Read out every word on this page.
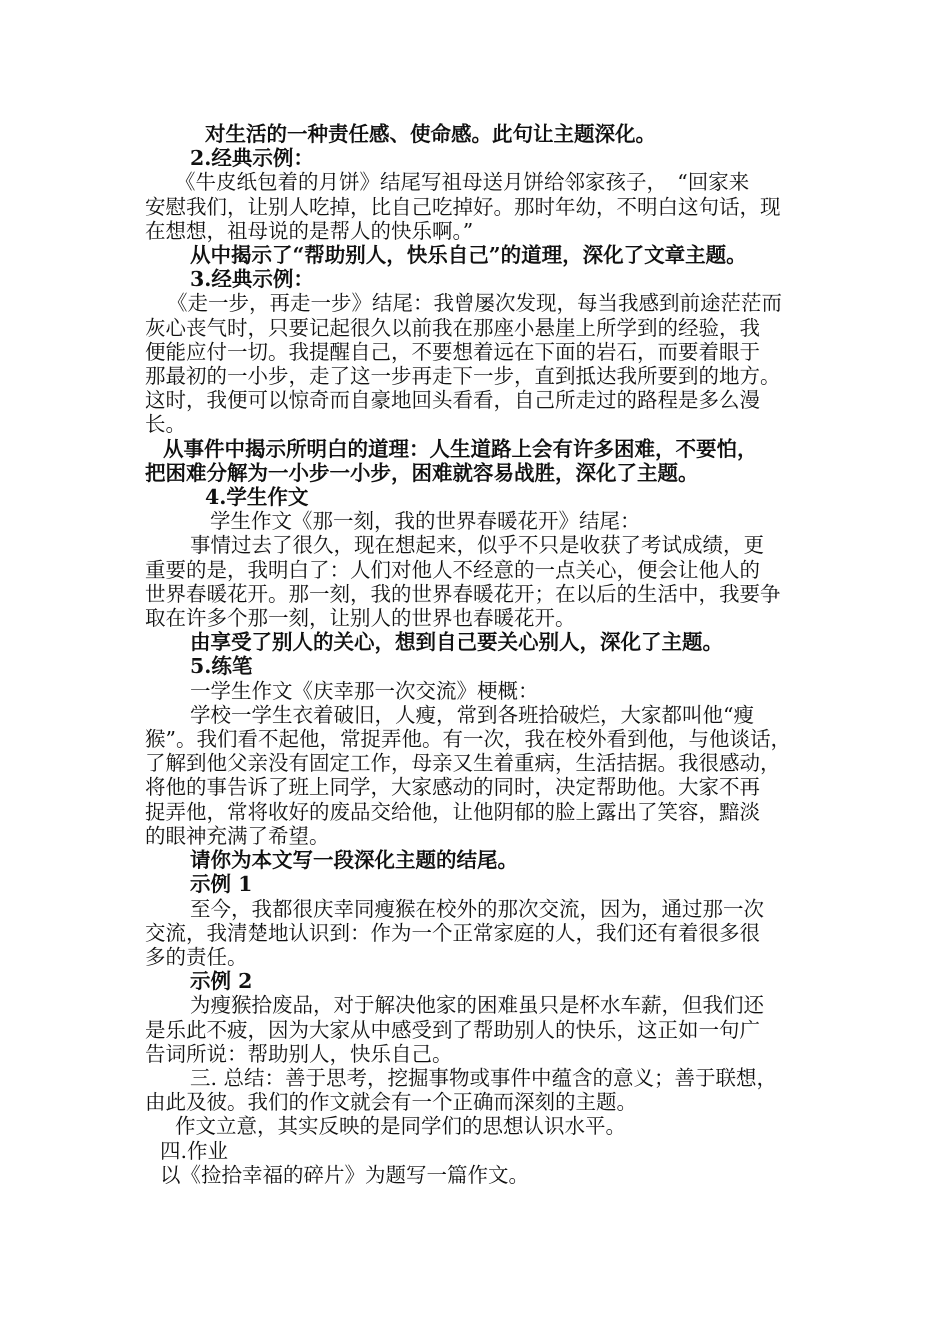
对生活的一种责任感、使命感。此句让主题深化。
2.经典示例：
《牛皮纸包着的月饼》结尾写祖母送月饼给邻家孩子，　“回家来
安慰我们，让别人吃掉，比自己吃掉好。那时年幼，不明白这句话，现
在想想，祖母说的是帮人的快乐啊。”
从中揭示了“帮助别人，快乐自己”的道理，深化了文章主题。
3.经典示例：
《走一步，再走一步》结尾：我曾屡次发现，每当我感到前途茫茫而
灰心丧气时，只要记起很久以前我在那座小悬崖上所学到的经验，我
便能应付一切。我提醒自己，不要想着远在下面的岩石，而要着眼于
那最初的一小步，走了这一步再走下一步，直到抵达我所要到的地方。
这时，我便可以惊奇而自豪地回头看看，自己所走过的路程是多么漫
长。
从事件中揭示所明白的道理：人生道路上会有许多困难，不要怕，
把困难分解为一小步一小步，困难就容易战胜，深化了主题。
4.学生作文
学生作文《那一刻，我的世界春暖花开》结尾：
事情过去了很久，现在想起来，似乎不只是收获了考试成绩，更
重要的是，我明白了：人们对他人不经意的一点关心，便会让他人的
世界春暖花开。那一刻，我的世界春暖花开；在以后的生活中，我要争
取在许多个那一刻，让别人的世界也春暖花开。
由享受了别人的关心，想到自己要关心别人，深化了主题。
5.练笔
一学生作文《庆幸那一次交流》梗概：
学校一学生衣着破旧，人瘦，常到各班拾破烂，大家都叫他“瘦
猴”。我们看不起他，常捉弄他。有一次，我在校外看到他，与他谈话，
了解到他父亲没有固定工作，母亲又生着重病，生活拮据。我很感动，
将他的事告诉了班上同学，大家感动的同时，决定帮助他。大家不再
捉弄他，常将收好的废品交给他，让他阴郁的脸上露出了笑容，黯淡
的眼神充满了希望。
请你为本文写一段深化主题的结尾。
示例 1
至今，我都很庆幸同瘦猴在校外的那次交流，因为，通过那一次
交流，我清楚地认识到：作为一个正常家庭的人，我们还有着很多很
多的责任。
示例 2
为瘦猴拾废品，对于解决他家的困难虽只是杯水车薪，但我们还
是乐此不疲，因为大家从中感受到了帮助别人的快乐，这正如一句广
告词所说：帮助别人，快乐自己。
三. 总结：善于思考，挖掘事物或事件中蕴含的意义；善于联想，
由此及彼。我们的作文就会有一个正确而深刻的主题。
作文立意，其实反映的是同学们的思想认识水平。
四.作业
以《捡拾幸福的碎片》为题写一篇作文。
